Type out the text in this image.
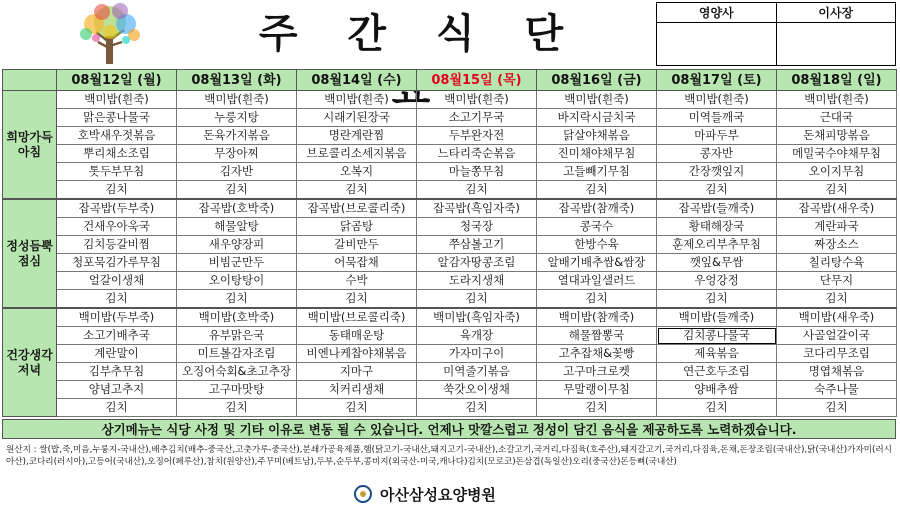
주 간 식 단	영양사	이사장

	08월12일 (월)	08월13일 (화)	08월14일 (수)	08월15일 (목)	08월16일 (금)	08월17일 (토)	08월18일 (일)
희망가득 아침	백미밥(흰죽)	백미밥(흰죽)	백미밥(흰죽)	백미밥(흰죽)	백미밥(흰죽)	백미밥(흰죽)	백미밥(흰죽)
	맑은콩나물국	누룽지탕	시래기된장국	소고기무국	바지락시금치국	미역들깨국	근대국
	호박새우젓볶음	돈육가지볶음	명란계란찜	두부완자전	닭살야채볶음	마파두부	돈채피망볶음
	뿌리채소조림	무장아찌	브로콜리소세지볶음	느타리죽순볶음	진미채야채무침	콩자반	메밀국수야채무침
	톳두부무침	김자반	오복지	마늘쫑무침	고들빼기무침	간장깻잎지	오이지무침
	김치	김치	김치	김치	김치	김치	김치
정성듬뿍 점심	잡곡밥(두부죽)	잡곡밥(호박죽)	잡곡밥(브로콜리죽)	잡곡밥(흑임자죽)	잡곡밥(참깨죽)	잡곡밥(들깨죽)	잡곡밥(새우죽)
	건새우아욱국	해물알탕	닭곰탕	청국장	콩국수	황태해장국	계란파국
	김치등갈비찜	새우양장피	갈비만두	쭈삼볼고기	한방수육	훈제오리부추무침	짜장소스
	청포묵김가루무침	비빔군만두	어묵잡채	알감자땅콩조림	알배기배추쌈&쌈장	깻잎&무쌈	칠리탕수육
	얼갈이생채	오이탕탕이	수박	도라지생채	열대과일샐러드	우엉강정	단무지
	김치	김치	김치	김치	김치	김치	김치
건강생각 저녁	백미밥(두부죽)	백미밥(호박죽)	백미밥(브로콜리죽)	백미밥(흑임자죽)	백미밥(참깨죽)	백미밥(들깨죽)	백미밥(새우죽)
	소고기배추국	유부맑은국	동태매운탕	육개장	해물짬뽕국	김치콩나물국	사골얼갈이국
	계란말이	미트볼감자조림	비엔나케찹야채볶음	가자미구이	고추잡채&꽃빵	제육볶음	코다리무조림
	김부추무침	오징어숙회&초고추장	지마구	미역줄기볶음	고구마크로켓	연근호두조림	명엽채볶음
	양념고추지	고구마맛탕	치커리생채	쑥갓오이생채	무말랭이무침	양배추쌈	숙주나물
	김치	김치	김치	김치	김치	김치	김치
상기메뉴는 식당 사정 및 기타 이유로 변동 될 수 있습니다. 언제나 맛깔스럽고 정성이 담긴 음식을 제공하도록 노력하겠습니다.
원산지 : 쌀(밥,죽,미음,누룽지-국내산),배추김치(배추-중국산,고춧가루-중국산),분쇄가공육제품,햄(닭고기-국내산,돼지고기-국내산),소갈고기,국거리,다짐육(호주산),돼지갈고기,국거리,다짐육,돈채,돈장조림(국내산),닭(국내산)가자미(러시아산),코다리(러시아),고등어(국내산),오징어(페루산),참치(원양산),주꾸미(베트남),두부,순두부,콩비지(외국산-미국,캐나다)김치(모로코)돈삼겹(독일산)오리(중국산)돈등뼈(국내산)
아산삼성요양병원
